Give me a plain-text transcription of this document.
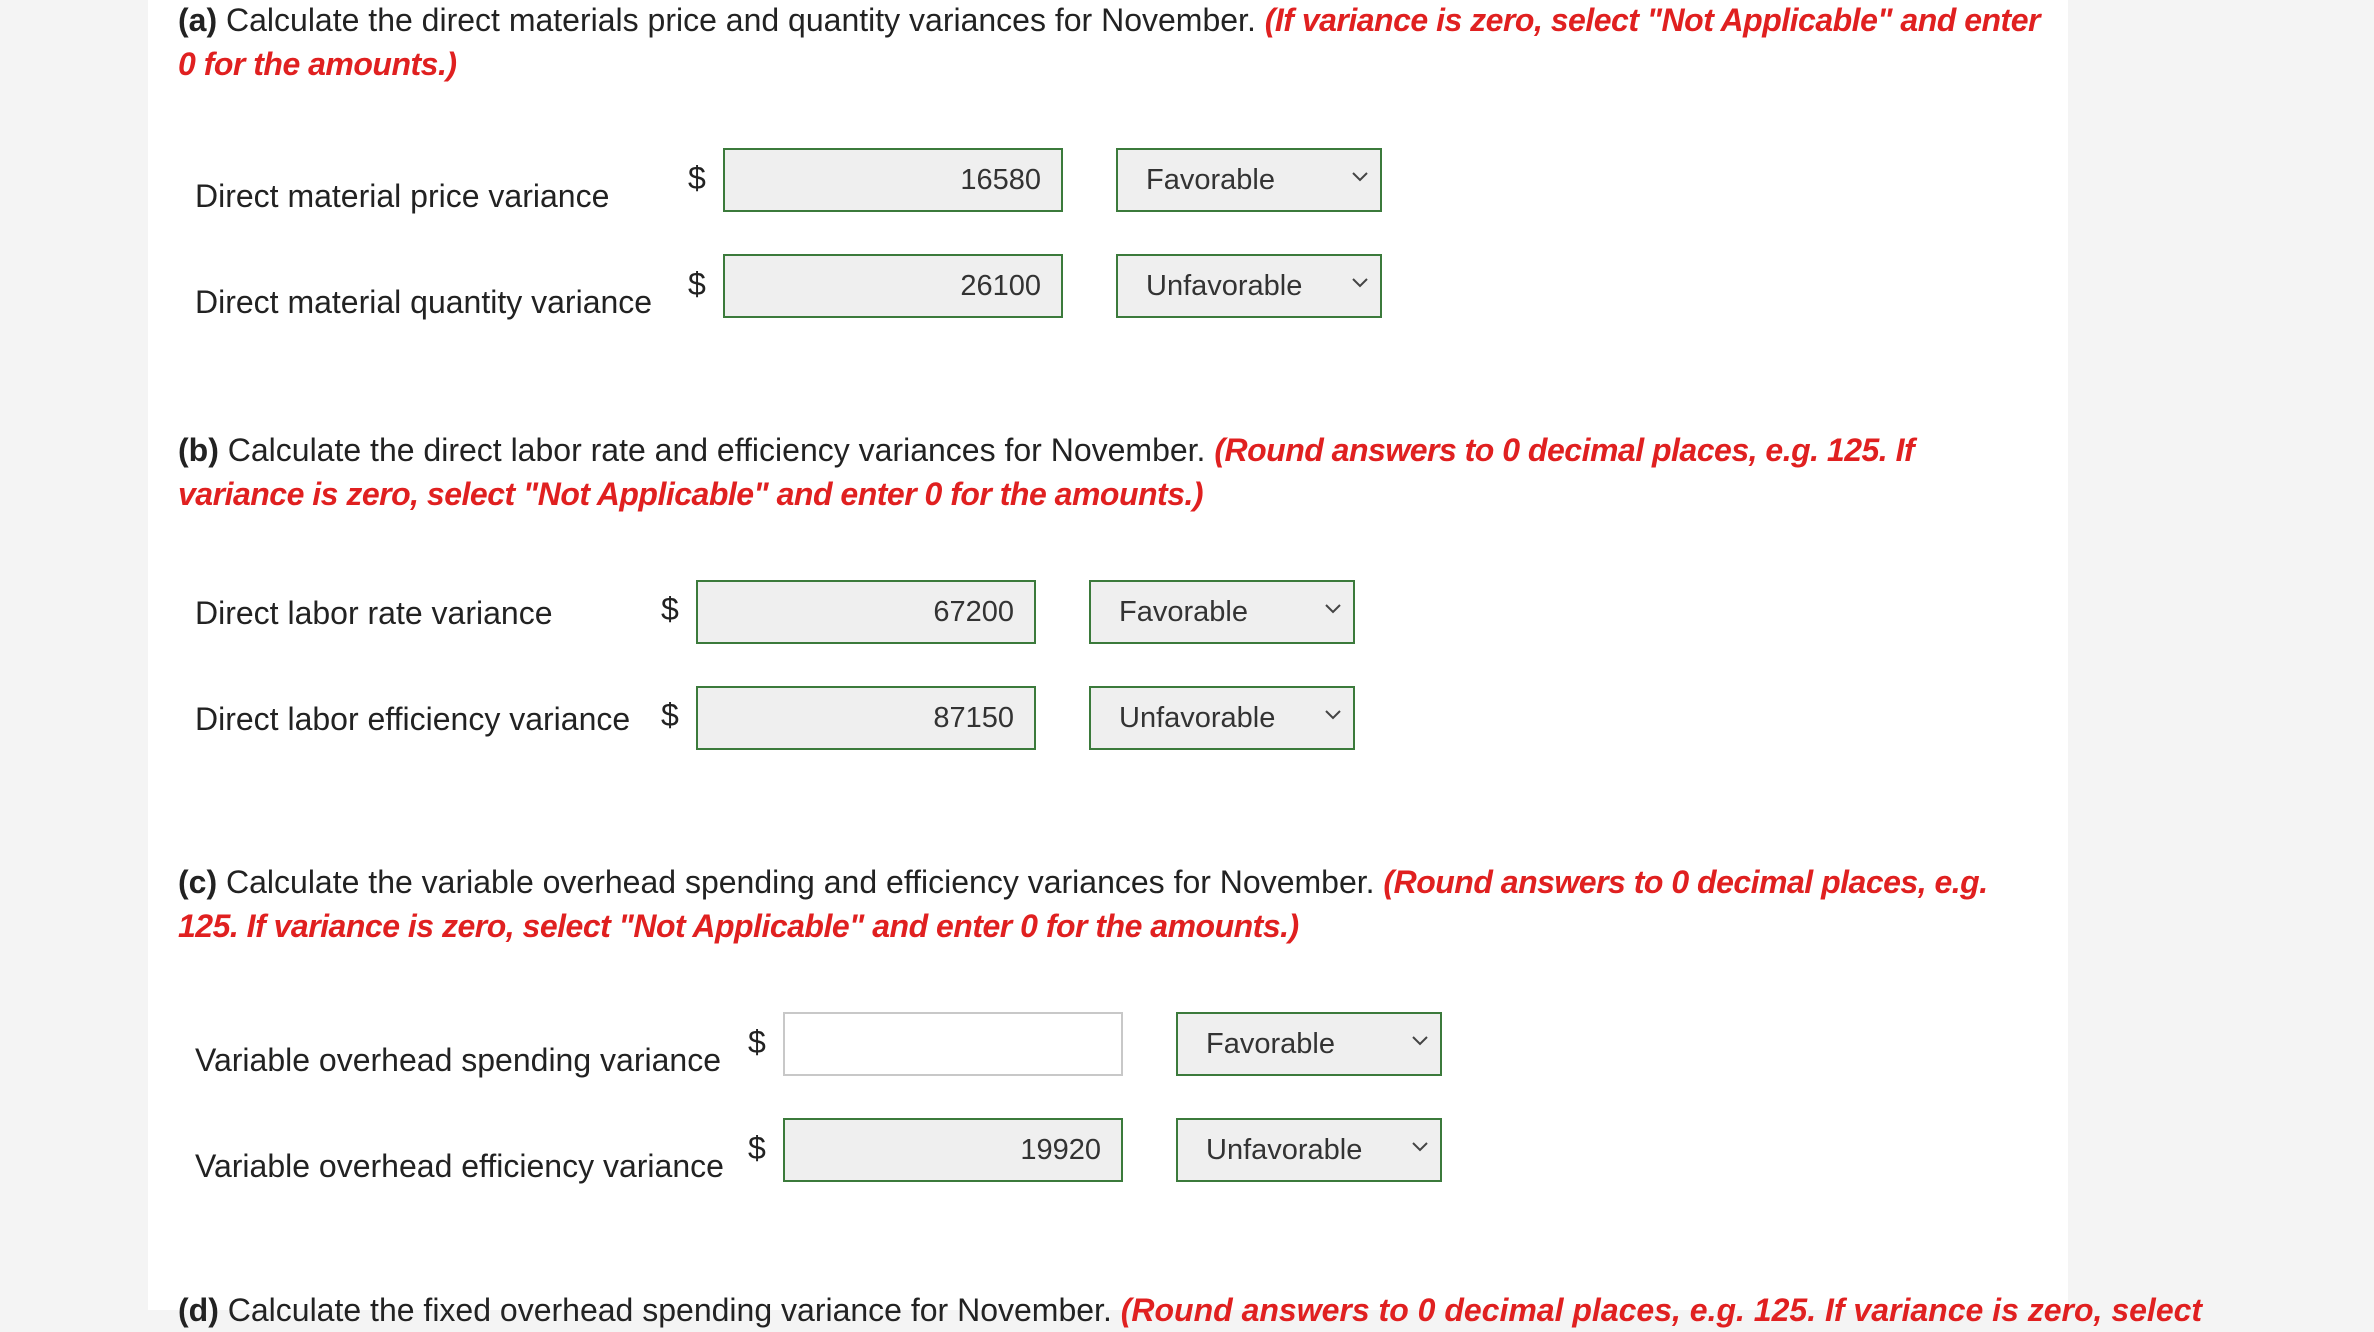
(a) Calculate the direct materials price and quantity variances for November. (If variance is zero, select "Not Applicable" and enter 0 for the amounts.)
Direct material price variance $	16580	Favorable
Direct material quantity variance $	26100	Unfavorable
(b) Calculate the direct labor rate and efficiency variances for November. (Round answers to 0 decimal places, e.g. 125. If variance is zero, select "Not Applicable" and enter 0 for the amounts.)
Direct labor rate variance	$	67200	Favorable
Direct labor efficiency variance $	87150	Unfavorable
(c) Calculate the variable overhead spending and efficiency variances for November. (Round answers to 0 decimal places, e.g. 125. If variance is zero, select "Not Applicable" and enter 0 for the amounts.)
Variable overhead spending variance $	Favorable
Variable overhead efficiency variance $	19920	Unfavorable
(d) Calculate the fixed overhead spending variance for November. (Round answers to 0 decimal places, e.g. 125. If variance is zero, select
